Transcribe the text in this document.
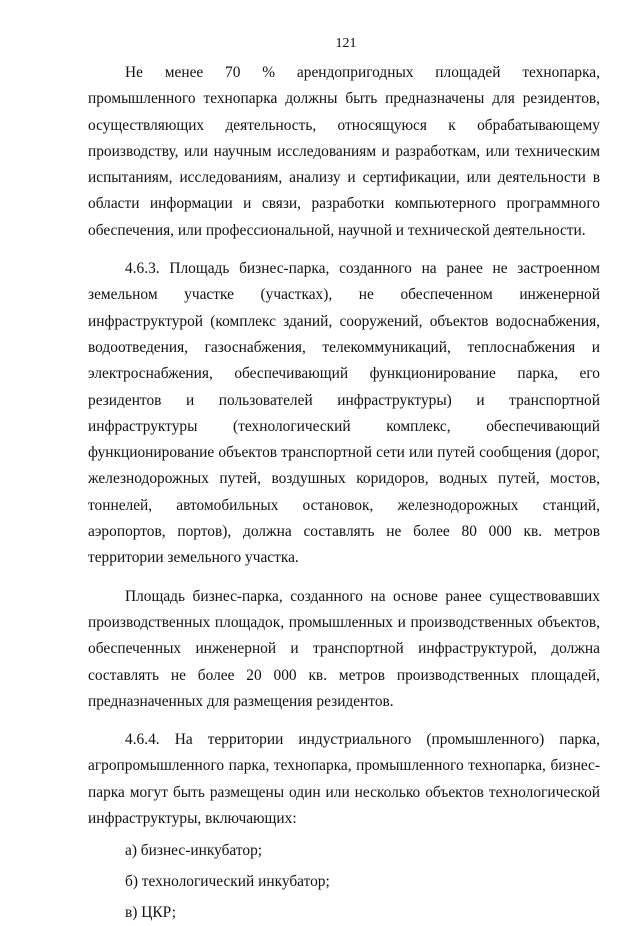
121

Не менее 70 % арендопригодных площадей технопарка, промышленного технопарка должны быть предназначены для резидентов, осуществляющих деятельность, относящуюся к обрабатывающему производству, или научным исследованиям и разработкам, или техническим испытаниям, исследованиям, анализу и сертификации, или деятельности в области информации и связи, разработки компьютерного программного обеспечения, или профессиональной, научной и технической деятельности.

4.6.3. Площадь бизнес-парка, созданного на ранее не застроенном земельном участке (участках), не обеспеченном инженерной инфраструктурой (комплекс зданий, сооружений, объектов водоснабжения, водоотведения, газоснабжения, телекоммуникаций, теплоснабжения и электроснабжения, обеспечивающий функционирование парка, его резидентов и пользователей инфраструктуры) и транспортной инфраструктуры (технологический комплекс, обеспечивающий функционирование объектов транспортной сети или путей сообщения (дорог, железнодорожных путей, воздушных коридоров, водных путей, мостов, тоннелей, автомобильных остановок, железнодорожных станций, аэропортов, портов), должна составлять не более 80 000 кв. метров территории земельного участка.

Площадь бизнес-парка, созданного на основе ранее существовавших производственных площадок, промышленных и производственных объектов, обеспеченных инженерной и транспортной инфраструктурой, должна составлять не более 20 000 кв. метров производственных площадей, предназначенных для размещения резидентов.

4.6.4. На территории индустриального (промышленного) парка, агропромышленного парка, технопарка, промышленного технопарка, бизнес-парка могут быть размещены один или несколько объектов технологической инфраструктуры, включающих:

а) бизнес-инкубатор;

б) технологический инкубатор;

в) ЦКР;
